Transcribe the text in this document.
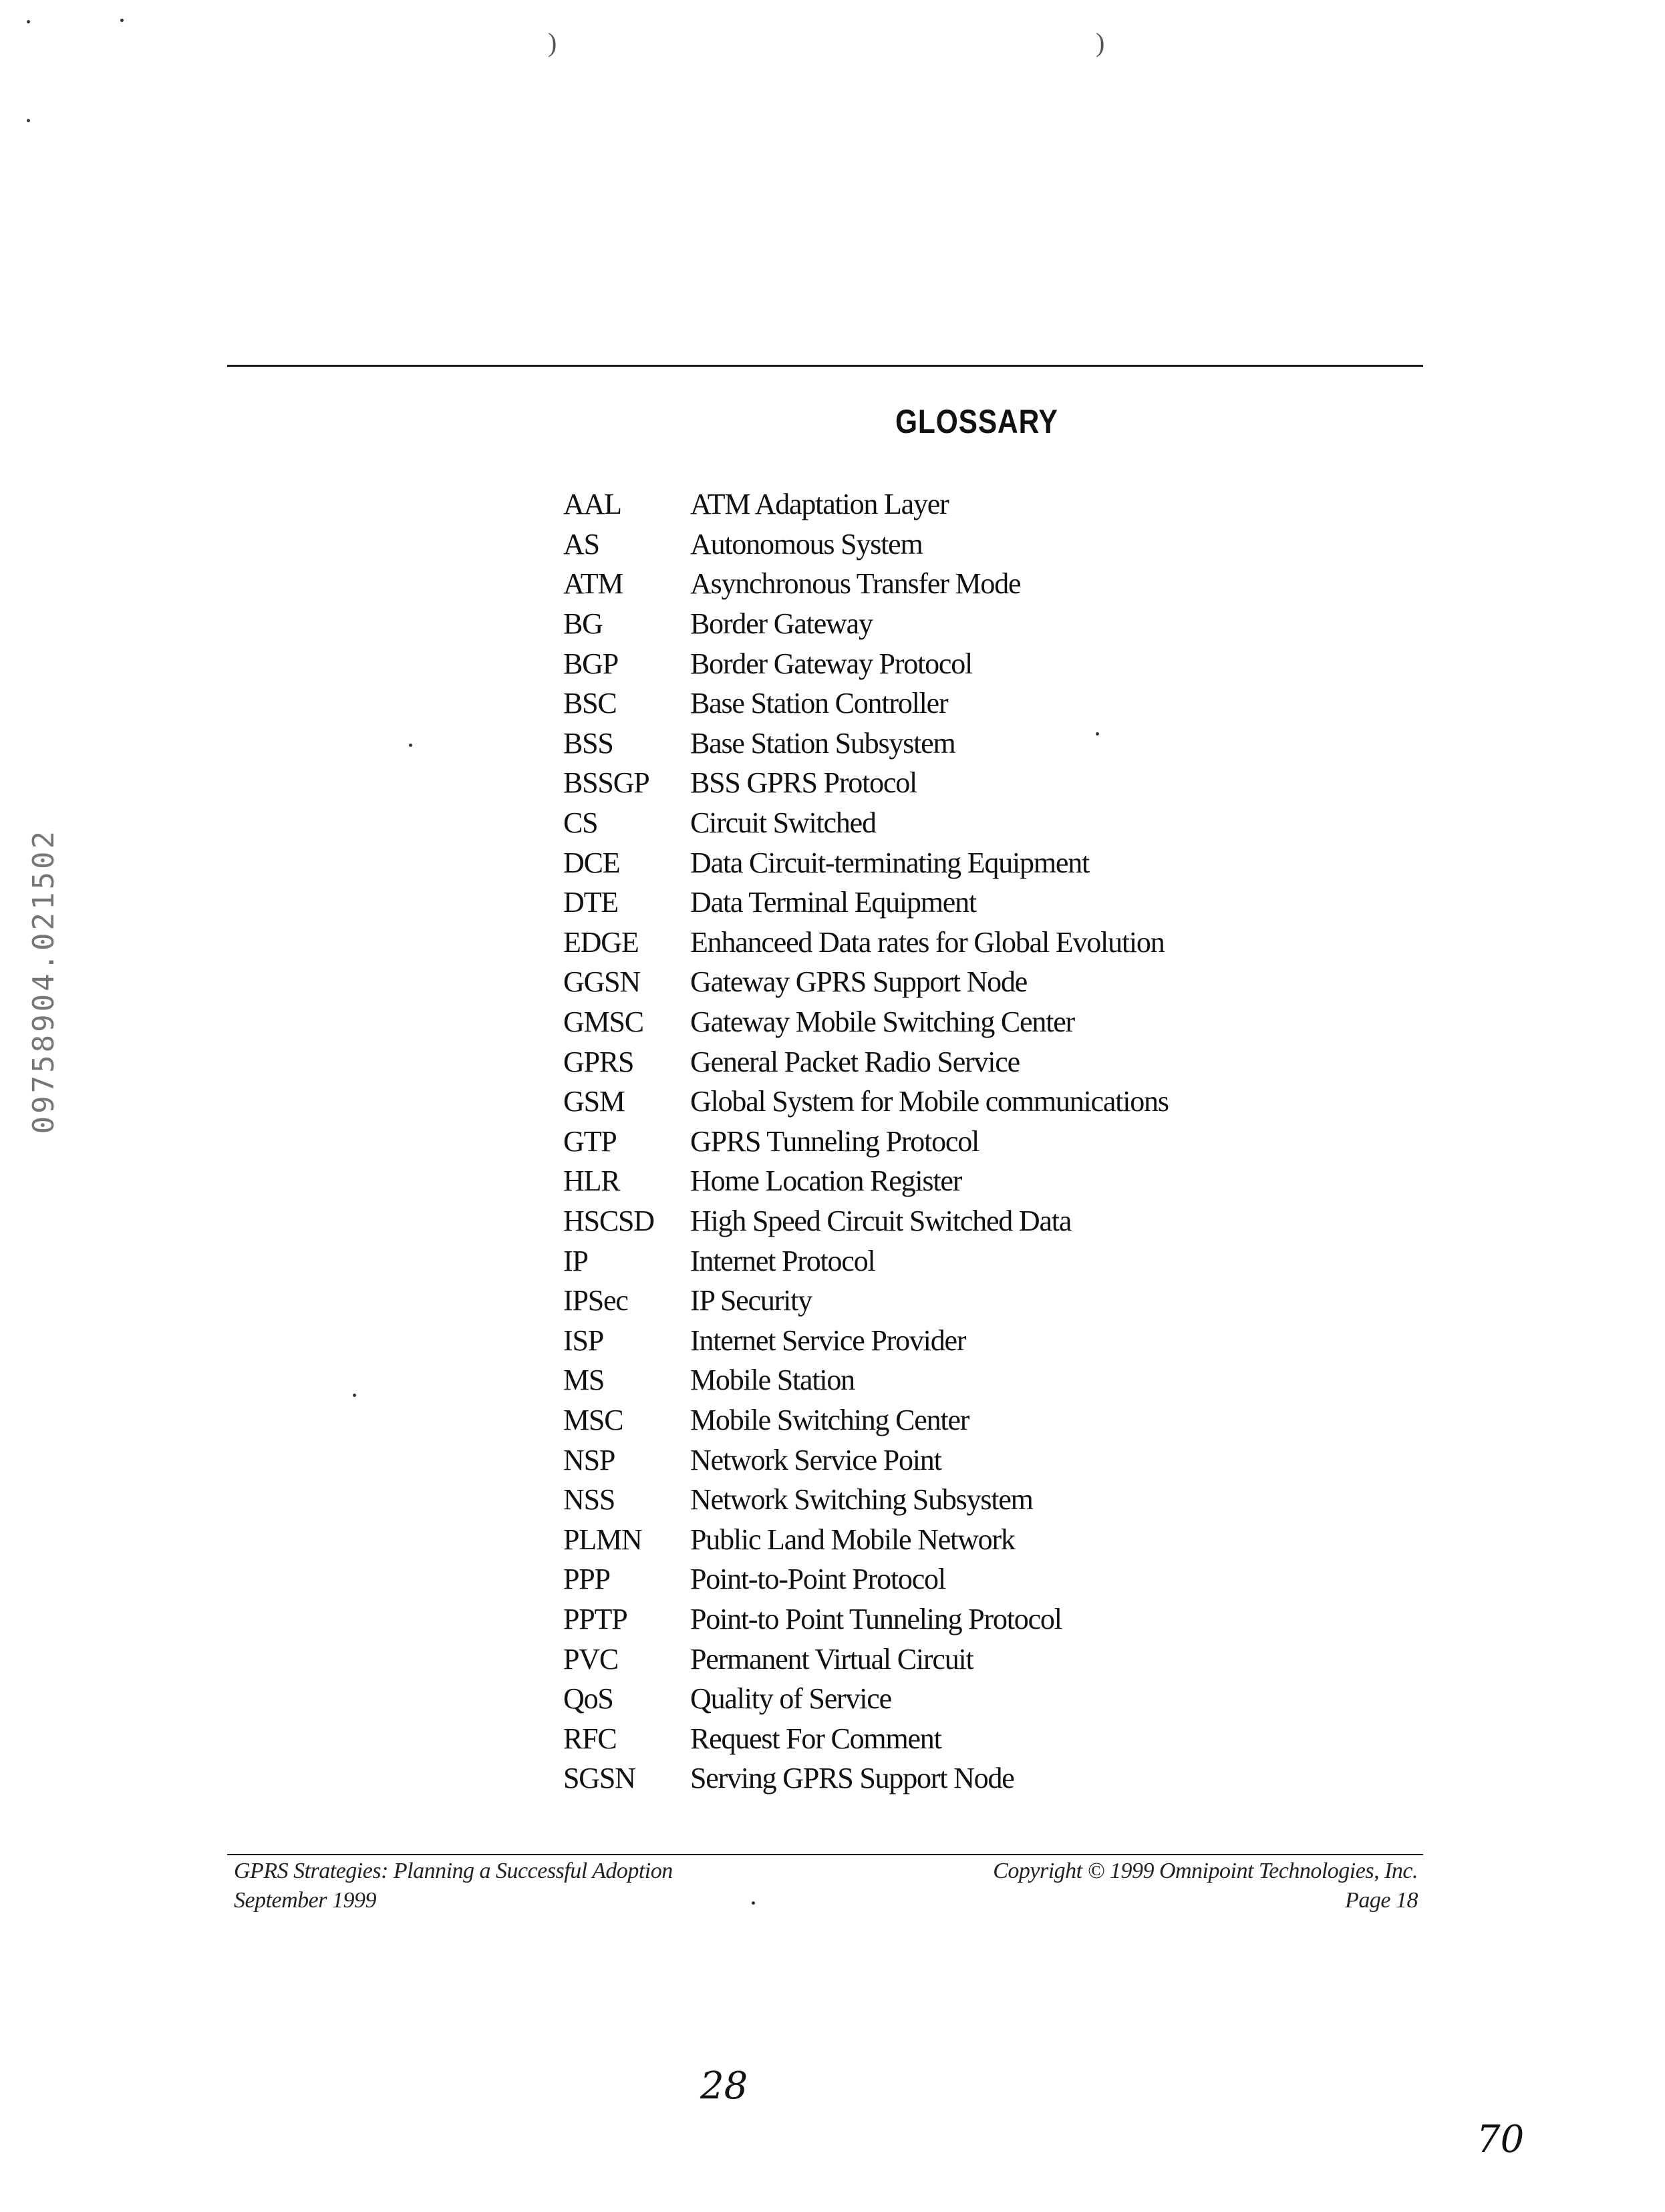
GLOSSARY
AAL	ATM Adaptation Layer
AS	Autonomous System
ATM	Asynchronous Transfer Mode
BG	Border Gateway
BGP	Border Gateway Protocol
BSC	Base Station Controller
BSS	Base Station Subsystem
BSSGP	BSS GPRS Protocol
CS	Circuit Switched
DCE	Data Circuit-terminating Equipment
DTE	Data Terminal Equipment
EDGE	Enhanceed Data rates for Global Evolution
GGSN	Gateway GPRS Support Node
GMSC	Gateway Mobile Switching Center
GPRS	General Packet Radio Service
GSM	Global System for Mobile communications
GTP	GPRS Tunneling Protocol
HLR	Home Location Register
HSCSD	High Speed Circuit Switched Data
IP	Internet Protocol
IPSec	IP Security
ISP	Internet Service Provider
MS	Mobile Station
MSC	Mobile Switching Center
NSP	Network Service Point
NSS	Network Switching Subsystem
PLMN	Public Land Mobile Network
PPP	Point-to-Point Protocol
PPTP	Point-to Point Tunneling Protocol
PVC	Permanent Virtual Circuit
QoS	Quality of Service
RFC	Request For Comment
SGSN	Serving GPRS Support Node
GPRS Strategies: Planning a Successful Adoption
September 1999
Copyright © 1999 Omnipoint Technologies, Inc.
Page 18
09758904.021502
28
70
)	)
